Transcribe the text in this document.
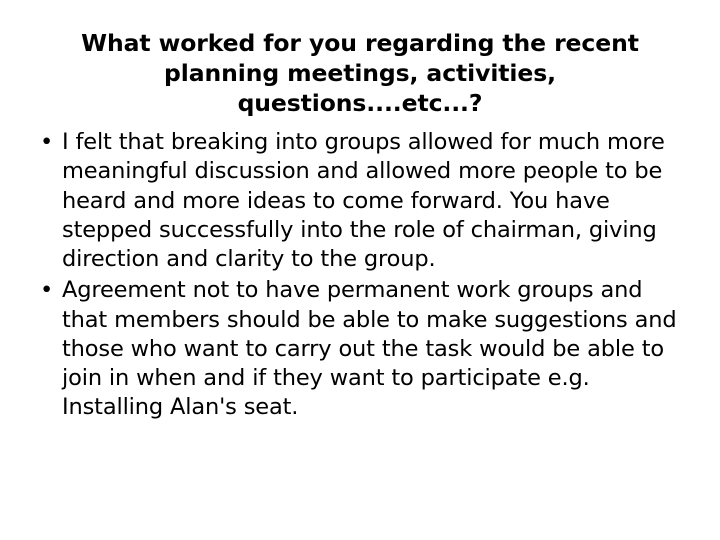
What worked for you regarding the recent planning meetings, activities, questions....etc...?
• I felt that breaking into groups allowed for much more meaningful discussion and allowed more people to be heard and more ideas to come forward. You have stepped successfully into the role of chairman, giving direction and clarity to the group.
• Agreement not to have permanent work groups and that members should be able to make suggestions and those who want to carry out the task would be able to join in when and if they want to participate e.g. Installing Alan's seat.
